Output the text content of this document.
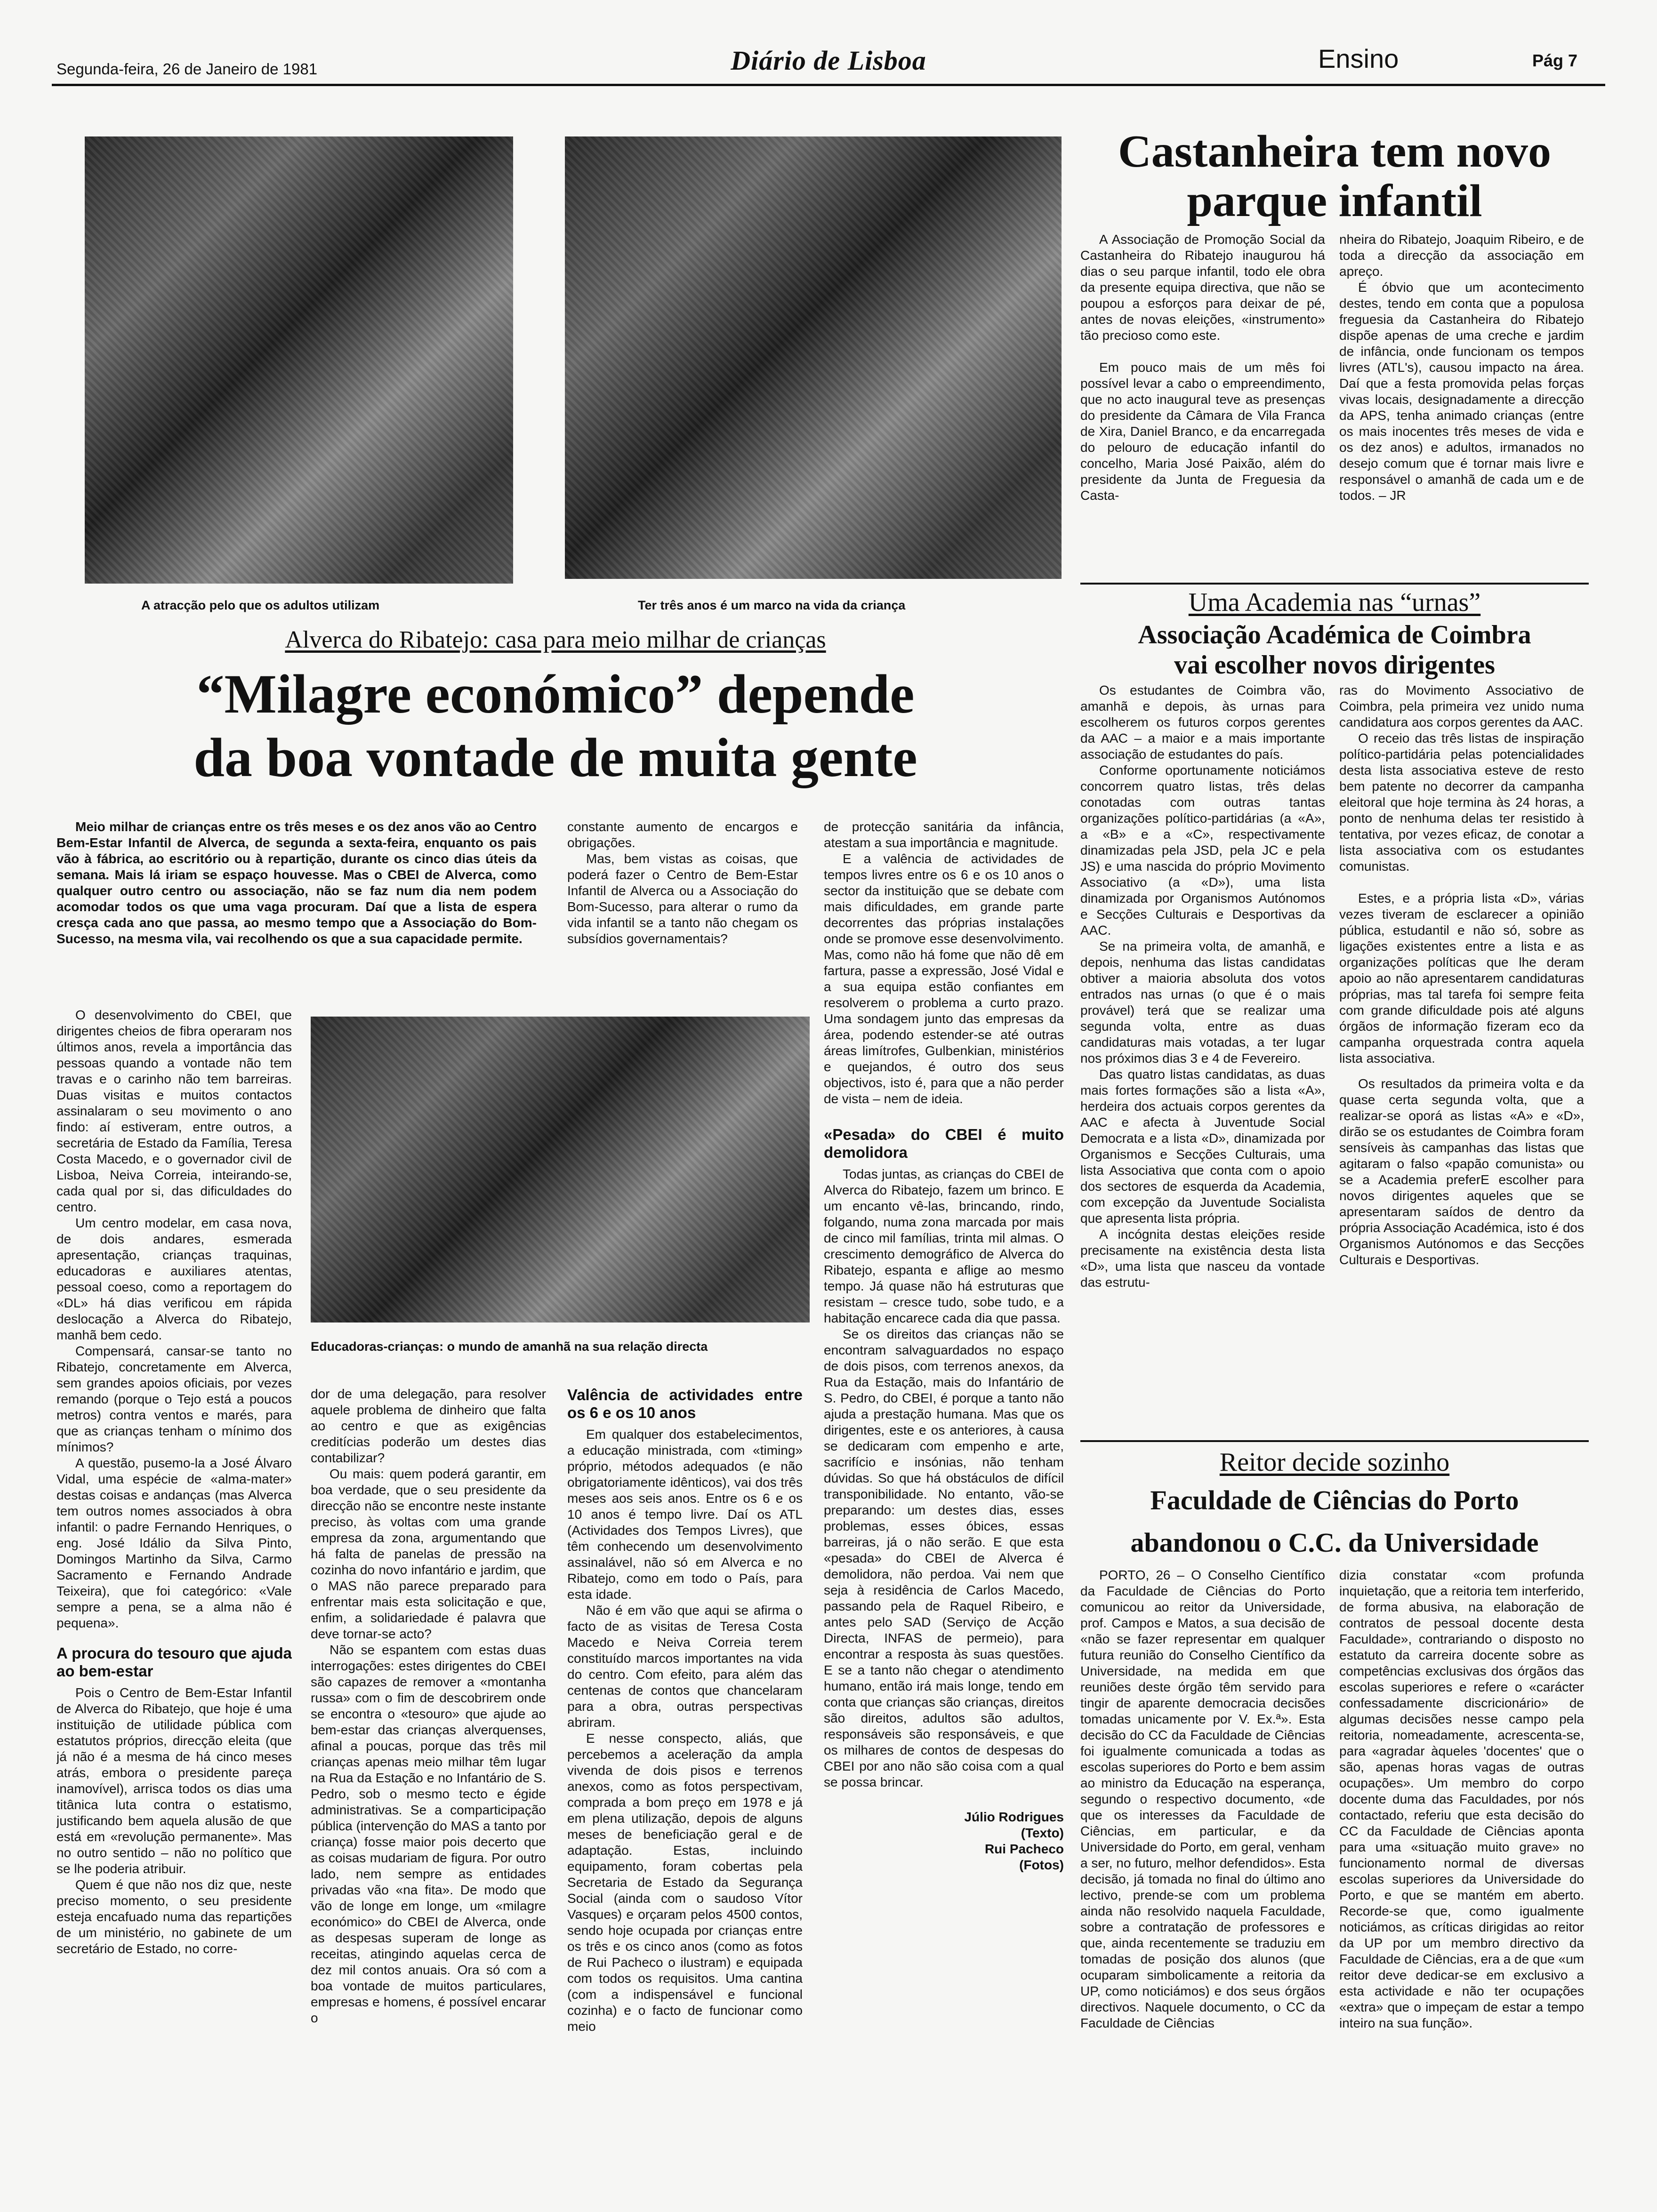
Segunda-feira, 26 de Janeiro de 1981	Diário de Lisboa	Ensino	Pág 7
A atracção pelo que os adultos utilizam	Ter três anos é um marco na vida da criança
Castanheira tem novo parque infantil

A Associação de Promoção Social da Castanheira do Ribatejo inaugurou há dias o seu parque infantil, todo ele obra da presente equipa directiva, que não se poupou a esforços para deixar de pé, antes de novas eleições, «instrumento» tão precioso como este.

Em pouco mais de um mês foi possível levar a cabo o empreendimento, que no acto inaugural teve as presenças do presidente da Câmara de Vila Franca de Xira, Daniel Branco, e da encarregada do pelouro de educação infantil do concelho, Maria José Paixão, além do presidente da Junta de Freguesia da Casta-

nheira do Ribatejo, Joaquim Ribeiro, e de toda a direcção da associação em apreço.

É óbvio que um acontecimento destes, tendo em conta que a populosa freguesia da Castanheira do Ribatejo dispõe apenas de uma creche e jardim de infância, onde funcionam os tempos livres (ATL's), causou impacto na área. Daí que a festa promovida pelas forças vivas locais, designadamente a direcção da APS, tenha animado crianças (entre os mais inocentes três meses de vida e os dez anos) e adultos, irmanados no desejo comum que é tornar mais livre e responsável o amanhã de cada um e de todos. – JR

Alverca do Ribatejo: casa para meio milhar de crianças
“Milagre económico” depende
da boa vontade de muita gente

Meio milhar de crianças entre os três meses e os dez anos vão ao Centro Bem-Estar Infantil de Alverca, de segunda a sexta-feira, enquanto os pais vão à fábrica, ao escritório ou à repartição, durante os cinco dias úteis da semana. Mais lá iriam se espaço houvesse. Mas o CBEI de Alverca, como qualquer outro centro ou associação, não se faz num dia nem podem acomodar todos os que uma vaga procuram. Daí que a lista de espera cresça cada ano que passa, ao mesmo tempo que a Associação do Bom-Sucesso, na mesma vila, vai recolhendo os que a sua capacidade permite.

O desenvolvimento do CBEI, que dirigentes cheios de fibra operaram nos últimos anos, revela a importância das pessoas quando a vontade não tem travas e o carinho não tem barreiras. Duas visitas e muitos contactos assinalaram o seu movimento o ano findo: aí estiveram, entre outros, a secretária de Estado da Família, Teresa Costa Macedo, e o governador civil de Lisboa, Neiva Correia, inteirando-se, cada qual por si, das dificuldades do centro.

Um centro modelar, em casa nova, de dois andares, esmerada apresentação, crianças traquinas, educadoras e auxiliares atentas, pessoal coeso, como a reportagem do «DL» há dias verificou em rápida deslocação a Alverca do Ribatejo, manhã bem cedo.

Compensará, cansar-se tanto no Ribatejo, concretamente em Alverca, sem grandes apoios oficiais, por vezes remando (porque o Tejo está a poucos metros) contra ventos e marés, para que as crianças tenham o mínimo dos mínimos?

A questão, pusemo-la a José Álvaro Vidal, uma espécie de «alma-mater» destas coisas e andanças (mas Alverca tem outros nomes associados à obra infantil: o padre Fernando Henriques, o eng. José Idálio da Silva Pinto, Domingos Martinho da Silva, Carmo Sacramento e Fernando Andrade Teixeira), que foi categórico: «Vale sempre a pena, se a alma não é pequena».

A procura do tesouro que ajuda ao bem-estar

Pois o Centro de Bem-Estar Infantil de Alverca do Ribatejo, que hoje é uma instituição de utilidade pública com estatutos próprios, direcção eleita (que já não é a mesma de há cinco meses atrás, embora o presidente pareça inamovível), arrisca todos os dias uma titânica luta contra o estatismo, justificando bem aquela alusão de que está em «revolução permanente». Mas no outro sentido – não no político que se lhe poderia atribuir.

Quem é que não nos diz que, neste preciso momento, o seu presidente esteja encafuado numa das repartições de um ministério, no gabinete de um secretário de Estado, no corre-

constante aumento de encargos e obrigações.

Mas, bem vistas as coisas, que poderá fazer o Centro de Bem-Estar Infantil de Alverca ou a Associação do Bom-Sucesso, para alterar o rumo da vida infantil se a tanto não chegam os subsídios governamentais?

Educadoras-crianças: o mundo de amanhã na sua relação directa

dor de uma delegação, para resolver aquele problema de dinheiro que falta ao centro e que as exigências creditícias poderão um destes dias contabilizar?

Ou mais: quem poderá garantir, em boa verdade, que o seu presidente da direcção não se encontre neste instante preciso, às voltas com uma grande empresa da zona, argumentando que há falta de panelas de pressão na cozinha do novo infantário e jardim, que o MAS não parece preparado para enfrentar mais esta solicitação e que, enfim, a solidariedade é palavra que deve tornar-se acto?

Não se espantem com estas duas interrogações: estes dirigentes do CBEI são capazes de remover a «montanha russa» com o fim de descobrirem onde se encontra o «tesouro» que ajude ao bem-estar das crianças alverquenses, afinal a poucas, porque das três mil crianças apenas meio milhar têm lugar na Rua da Estação e no Infantário de S. Pedro, sob o mesmo tecto e égide administrativas. Se a comparticipação pública (intervenção do MAS a tanto por criança) fosse maior pois decerto que as coisas mudariam de figura. Por outro lado, nem sempre as entidades privadas vão «na fita». De modo que vão de longe em longe, um «milagre económico» do CBEI de Alverca, onde as despesas superam de longe as receitas, atingindo aquelas cerca de dez mil contos anuais. Ora só com a boa vontade de muitos particulares, empresas e homens, é possível encarar o

Valência de actividades entre os 6 e os 10 anos

Em qualquer dos estabelecimentos, a educação ministrada, com «timing» próprio, métodos adequados (e não obrigatoriamente idênticos), vai dos três meses aos seis anos. Entre os 6 e os 10 anos é tempo livre. Daí os ATL (Actividades dos Tempos Livres), que têm conhecendo um desenvolvimento assinalável, não só em Alverca e no Ribatejo, como em todo o País, para esta idade.

Não é em vão que aqui se afirma o facto de as visitas de Teresa Costa Macedo e Neiva Correia terem constituído marcos importantes na vida do centro. Com efeito, para além das centenas de contos que chancelaram para a obra, outras perspectivas abriram.

E nesse conspecto, aliás, que percebemos a aceleração da ampla vivenda de dois pisos e terrenos anexos, como as fotos perspectivam, comprada a bom preço em 1978 e já em plena utilização, depois de alguns meses de beneficiação geral e de adaptação. Estas, incluindo equipamento, foram cobertas pela Secretaria de Estado da Segurança Social (ainda com o saudoso Vítor Vasques) e orçaram pelos 4500 contos, sendo hoje ocupada por crianças entre os três e os cinco anos (como as fotos de Rui Pacheco o ilustram) e equipada com todos os requisitos. Uma cantina (com a indispensável e funcional cozinha) e o facto de funcionar como meio

de protecção sanitária da infância, atestam a sua importância e magnitude.

E a valência de actividades de tempos livres entre os 6 e os 10 anos o sector da instituição que se debate com mais dificuldades, em grande parte decorrentes das próprias instalações onde se promove esse desenvolvimento. Mas, como não há fome que não dê em fartura, passe a expressão, José Vidal e a sua equipa estão confiantes em resolverem o problema a curto prazo. Uma sondagem junto das empresas da área, podendo estender-se até outras áreas limítrofes, Gulbenkian, ministérios e quejandos, é outro dos seus objectivos, isto é, para que a não perder de vista – nem de ideia.

«Pesada» do CBEI é muito demolidora

Todas juntas, as crianças do CBEI de Alverca do Ribatejo, fazem um brinco. E um encanto vê-las, brincando, rindo, folgando, numa zona marcada por mais de cinco mil famílias, trinta mil almas. O crescimento demográfico de Alverca do Ribatejo, espanta e aflige ao mesmo tempo. Já quase não há estruturas que resistam – cresce tudo, sobe tudo, e a habitação encarece cada dia que passa.

Se os direitos das crianças não se encontram salvaguardados no espaço de dois pisos, com terrenos anexos, da Rua da Estação, mais do Infantário de S. Pedro, do CBEI, é porque a tanto não ajuda a prestação humana. Mas que os dirigentes, este e os anteriores, à causa se dedicaram com empenho e arte, sacrifício e insónias, não tenham dúvidas. So que há obstáculos de difícil transponibilidade. No entanto, vão-se preparando: um destes dias, esses problemas, esses óbices, essas barreiras, já o não serão. E que esta «pesada» do CBEI de Alverca é demolidora, não perdoa. Vai nem que seja à residência de Carlos Macedo, passando pela de Raquel Ribeiro, e antes pelo SAD (Serviço de Acção Directa, INFAS de permeio), para encontrar a resposta às suas questões. E se a tanto não chegar o atendimento humano, então irá mais longe, tendo em conta que crianças são crianças, direitos são direitos, adultos são adultos, responsáveis são responsáveis, e que os milhares de contos de despesas do CBEI por ano não são coisa com a qual se possa brincar.

Júlio Rodrigues
(Texto)
Rui Pacheco
(Fotos)
Uma Academia nas “urnas”
Associação Académica de Coimbra
vai escolher novos dirigentes

Os estudantes de Coimbra vão, amanhã e depois, às urnas para escolherem os futuros corpos gerentes da AAC – a maior e a mais importante associação de estudantes do país.

Conforme oportunamente noticiámos concorrem quatro listas, três delas conotadas com outras tantas organizações político-partidárias (a «A», a «B» e a «C», respectivamente dinamizadas pela JSD, pela JC e pela JS) e uma nascida do próprio Movimento Associativo (a «D»), uma lista dinamizada por Organismos Autónomos e Secções Culturais e Desportivas da AAC.

Se na primeira volta, de amanhã, e depois, nenhuma das listas candidatas obtiver a maioria absoluta dos votos entrados nas urnas (o que é o mais provável) terá que se realizar uma segunda volta, entre as duas candidaturas mais votadas, a ter lugar nos próximos dias 3 e 4 de Fevereiro.

Das quatro listas candidatas, as duas mais fortes formações são a lista «A», herdeira dos actuais corpos gerentes da AAC e afecta à Juventude Social Democrata e a lista «D», dinamizada por Organismos e Secções Culturais, uma lista Associativa que conta com o apoio dos sectores de esquerda da Academia, com excepção da Juventude Socialista que apresenta lista própria.

A incógnita destas eleições reside precisamente na existência desta lista «D», uma lista que nasceu da vontade das estrutu-

ras do Movimento Associativo de Coimbra, pela primeira vez unido numa candidatura aos corpos gerentes da AAC.

O receio das três listas de inspiração político-partidária pelas potencialidades desta lista associativa esteve de resto bem patente no decorrer da campanha eleitoral que hoje termina às 24 horas, a ponto de nenhuma delas ter resistido à tentativa, por vezes eficaz, de conotar a lista associativa com os estudantes comunistas.

Estes, e a própria lista «D», várias vezes tiveram de esclarecer a opinião pública, estudantil e não só, sobre as ligações existentes entre a lista e as organizações políticas que lhe deram apoio ao não apresentarem candidaturas próprias, mas tal tarefa foi sempre feita com grande dificuldade pois até alguns órgãos de informação fizeram eco da campanha orquestrada contra aquela lista associativa.

Os resultados da primeira volta e da quase certa segunda volta, que a realizar-se oporá as listas «A» e «D», dirão se os estudantes de Coimbra foram sensíveis às campanhas das listas que agitaram o falso «papão comunista» ou se a Academia preferE escolher para novos dirigentes aqueles que se apresentaram saídos de dentro da própria Associação Académica, isto é dos Organismos Autónomos e das Secções Culturais e Desportivas.

Reitor decide sozinho
Faculdade de Ciências do Porto
abandonou o C.C. da Universidade

PORTO, 26 – O Conselho Científico da Faculdade de Ciências do Porto comunicou ao reitor da Universidade, prof. Campos e Matos, a sua decisão de «não se fazer representar em qualquer futura reunião do Conselho Científico da Universidade, na medida em que reuniões deste órgão têm servido para tingir de aparente democracia decisões tomadas unicamente por V. Ex.ª». Esta decisão do CC da Faculdade de Ciências foi igualmente comunicada a todas as escolas superiores do Porto e bem assim ao ministro da Educação na esperança, segundo o respectivo documento, «de que os interesses da Faculdade de Ciências, em particular, e da Universidade do Porto, em geral, venham a ser, no futuro, melhor defendidos». Esta decisão, já tomada no final do último ano lectivo, prende-se com um problema ainda não resolvido naquela Faculdade, sobre a contratação de professores e que, ainda recentemente se traduziu em tomadas de posição dos alunos (que ocuparam simbolicamente a reitoria da UP, como noticiámos) e dos seus órgãos directivos. Naquele documento, o CC da Faculdade de Ciências

dizia constatar «com profunda inquietação, que a reitoria tem interferido, de forma abusiva, na elaboração de contratos de pessoal docente desta Faculdade», contrariando o disposto no estatuto da carreira docente sobre as competências exclusivas dos órgãos das escolas superiores e refere o «carácter confessadamente discricionário» de algumas decisões nesse campo pela reitoria, nomeadamente, acrescenta-se, para «agradar àqueles 'docentes' que o são, apenas horas vagas de outras ocupações». Um membro do corpo docente duma das Faculdades, por nós contactado, referiu que esta decisão do CC da Faculdade de Ciências aponta para uma «situação muito grave» no funcionamento normal de diversas escolas superiores da Universidade do Porto, e que se mantém em aberto. Recorde-se que, como igualmente noticiámos, as críticas dirigidas ao reitor da UP por um membro directivo da Faculdade de Ciências, era a de que «um reitor deve dedicar-se em exclusivo a esta actividade e não ter ocupações «extra» que o impeçam de estar a tempo inteiro na sua função».
